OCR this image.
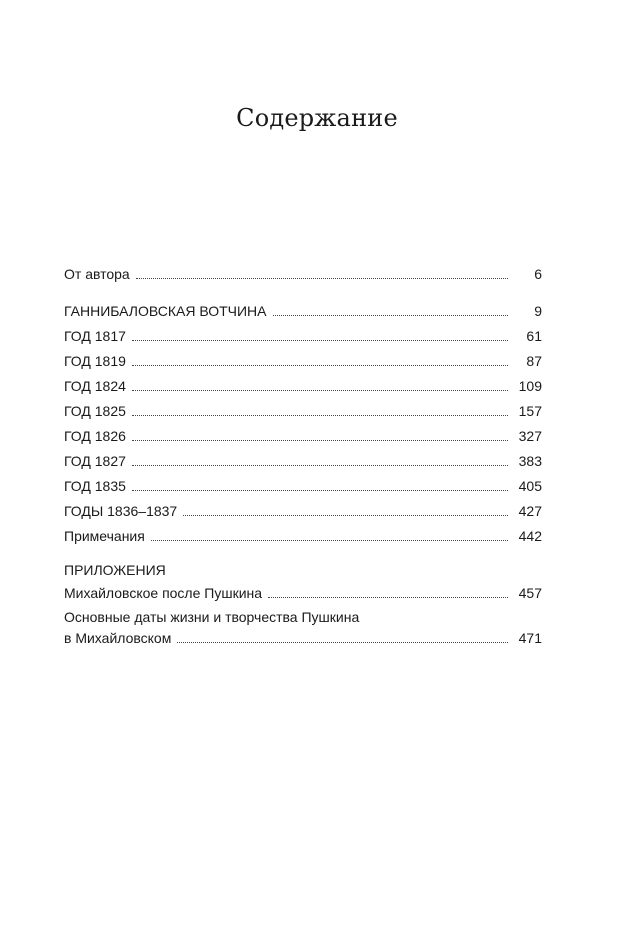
Содержание
От автора	6
ГАННИБАЛОВСКАЯ ВОТЧИНА	9
ГОД 1817	61
ГОД 1819	87
ГОД 1824	109
ГОД 1825	157
ГОД 1826	327
ГОД 1827	383
ГОД 1835	405
ГОДЫ 1836–1837	427
Примечания	442
ПРИЛОЖЕНИЯ
Михайловское после Пушкина	457
Основные даты жизни и творчества Пушкина
в Михайловском	471
